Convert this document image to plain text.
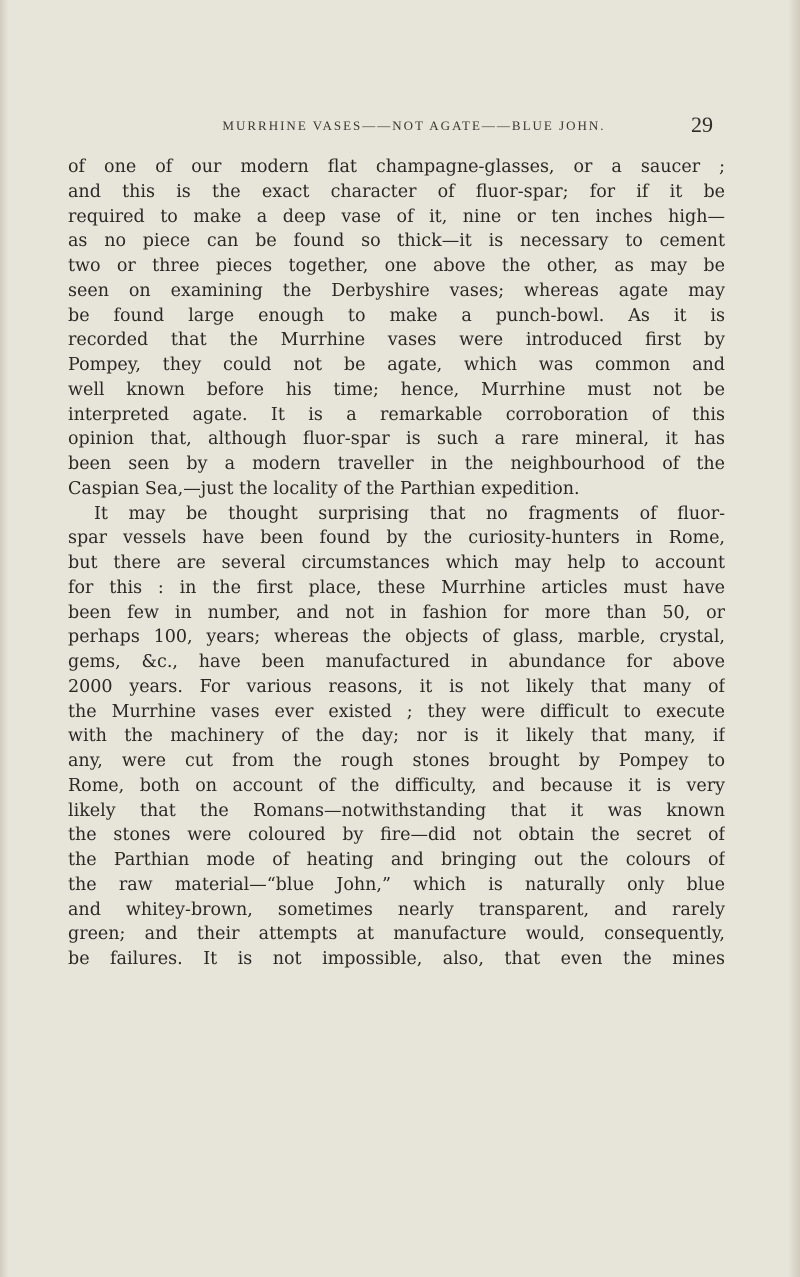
MURRHINE VASES——NOT AGATE——BLUE JOHN.	29
of one of our modern flat champagne-glasses, or a saucer ;
and this is the exact character of fluor-spar; for if it be
required to make a deep vase of it, nine or ten inches high—
as no piece can be found so thick—it is necessary to cement
two or three pieces together, one above the other, as may be
seen on examining the Derbyshire vases; whereas agate may
be found large enough to make a punch-bowl. As it is
recorded that the Murrhine vases were introduced first by
Pompey, they could not be agate, which was common and
well known before his time; hence, Murrhine must not be
interpreted agate. It is a remarkable corroboration of this
opinion that, although fluor-spar is such a rare mineral, it has
been seen by a modern traveller in the neighbourhood of the
Caspian Sea,—just the locality of the Parthian expedition.
It may be thought surprising that no fragments of fluor-
spar vessels have been found by the curiosity-hunters in Rome,
but there are several circumstances which may help to account
for this : in the first place, these Murrhine articles must have
been few in number, and not in fashion for more than 50, or
perhaps 100, years; whereas the objects of glass, marble, crystal,
gems, &c., have been manufactured in abundance for above
2000 years. For various reasons, it is not likely that many of
the Murrhine vases ever existed ; they were difficult to execute
with the machinery of the day; nor is it likely that many, if
any, were cut from the rough stones brought by Pompey to
Rome, both on account of the difficulty, and because it is very
likely that the Romans—notwithstanding that it was known
the stones were coloured by fire—did not obtain the secret of
the Parthian mode of heating and bringing out the colours of
the raw material—“blue John,” which is naturally only blue
and whitey-brown, sometimes nearly transparent, and rarely
green; and their attempts at manufacture would, consequently,
be failures. It is not impossible, also, that even the mines
